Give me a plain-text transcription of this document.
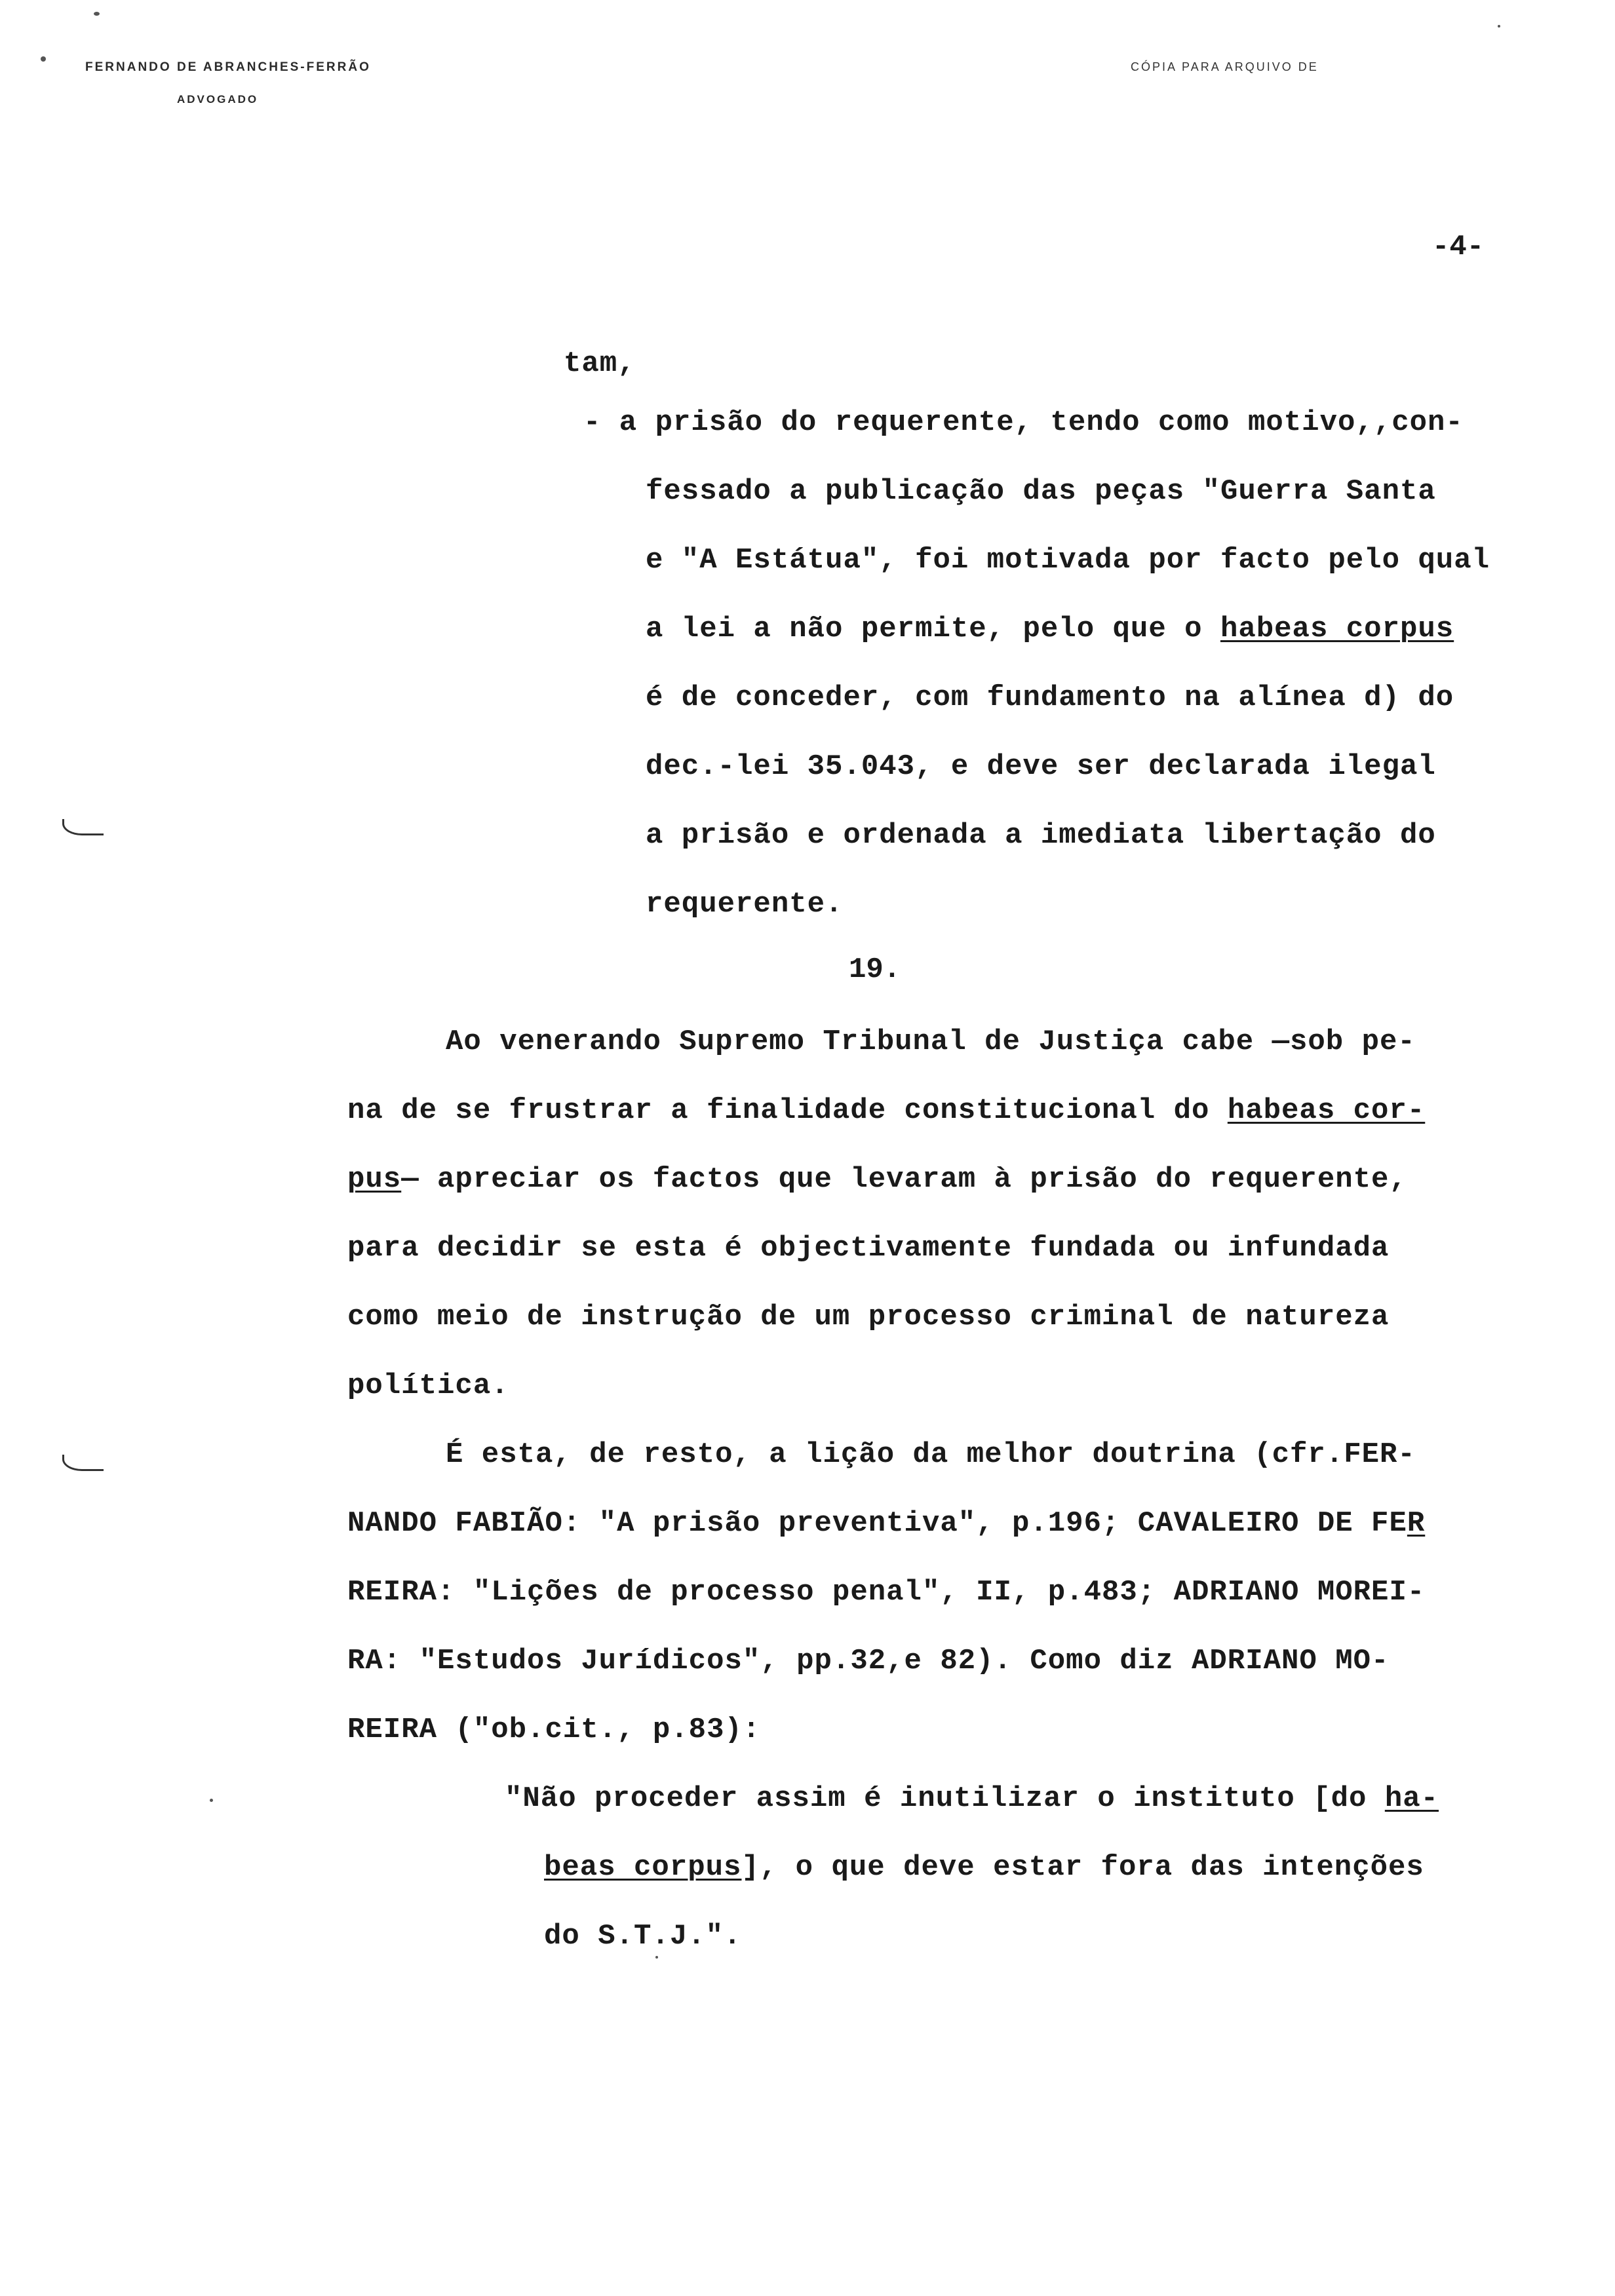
FERNANDO DE ABRANCHES-FERRÃO
ADVOGADO
CÓPIA PARA ARQUIVO DE
-4-
tam,
- a prisão do requerente, tendo como motivo,,con-
fessado a publicação das peças "Guerra Santa
e "A Estátua", foi motivada por facto pelo qual
a lei a não permite, pelo que o habeas corpus
é de conceder, com fundamento na alínea d) do
dec.-lei 35.043, e deve ser declarada ilegal
a prisão e ordenada a imediata libertação do
requerente.
19.
Ao venerando Supremo Tribunal de Justiça cabe —sob pe-
na de se frustrar a finalidade constitucional do habeas cor-
pus— apreciar os factos que levaram à prisão do requerente,
para decidir se esta é objectivamente fundada ou infundada
como meio de instrução de um processo criminal de natureza
política.
É esta, de resto, a lição da melhor doutrina (cfr.FER-
NANDO FABIÃO: "A prisão preventiva", p.196; CAVALEIRO DE FER
REIRA: "Lições de processo penal", II, p.483; ADRIANO MOREI-
RA: "Estudos Jurídicos", pp.32,e 82). Como diz ADRIANO MO-
REIRA ("ob.cit., p.83):
"Não proceder assim é inutilizar o instituto [do ha-
beas corpus], o que deve estar fora das intenções
do S.T.J.".
